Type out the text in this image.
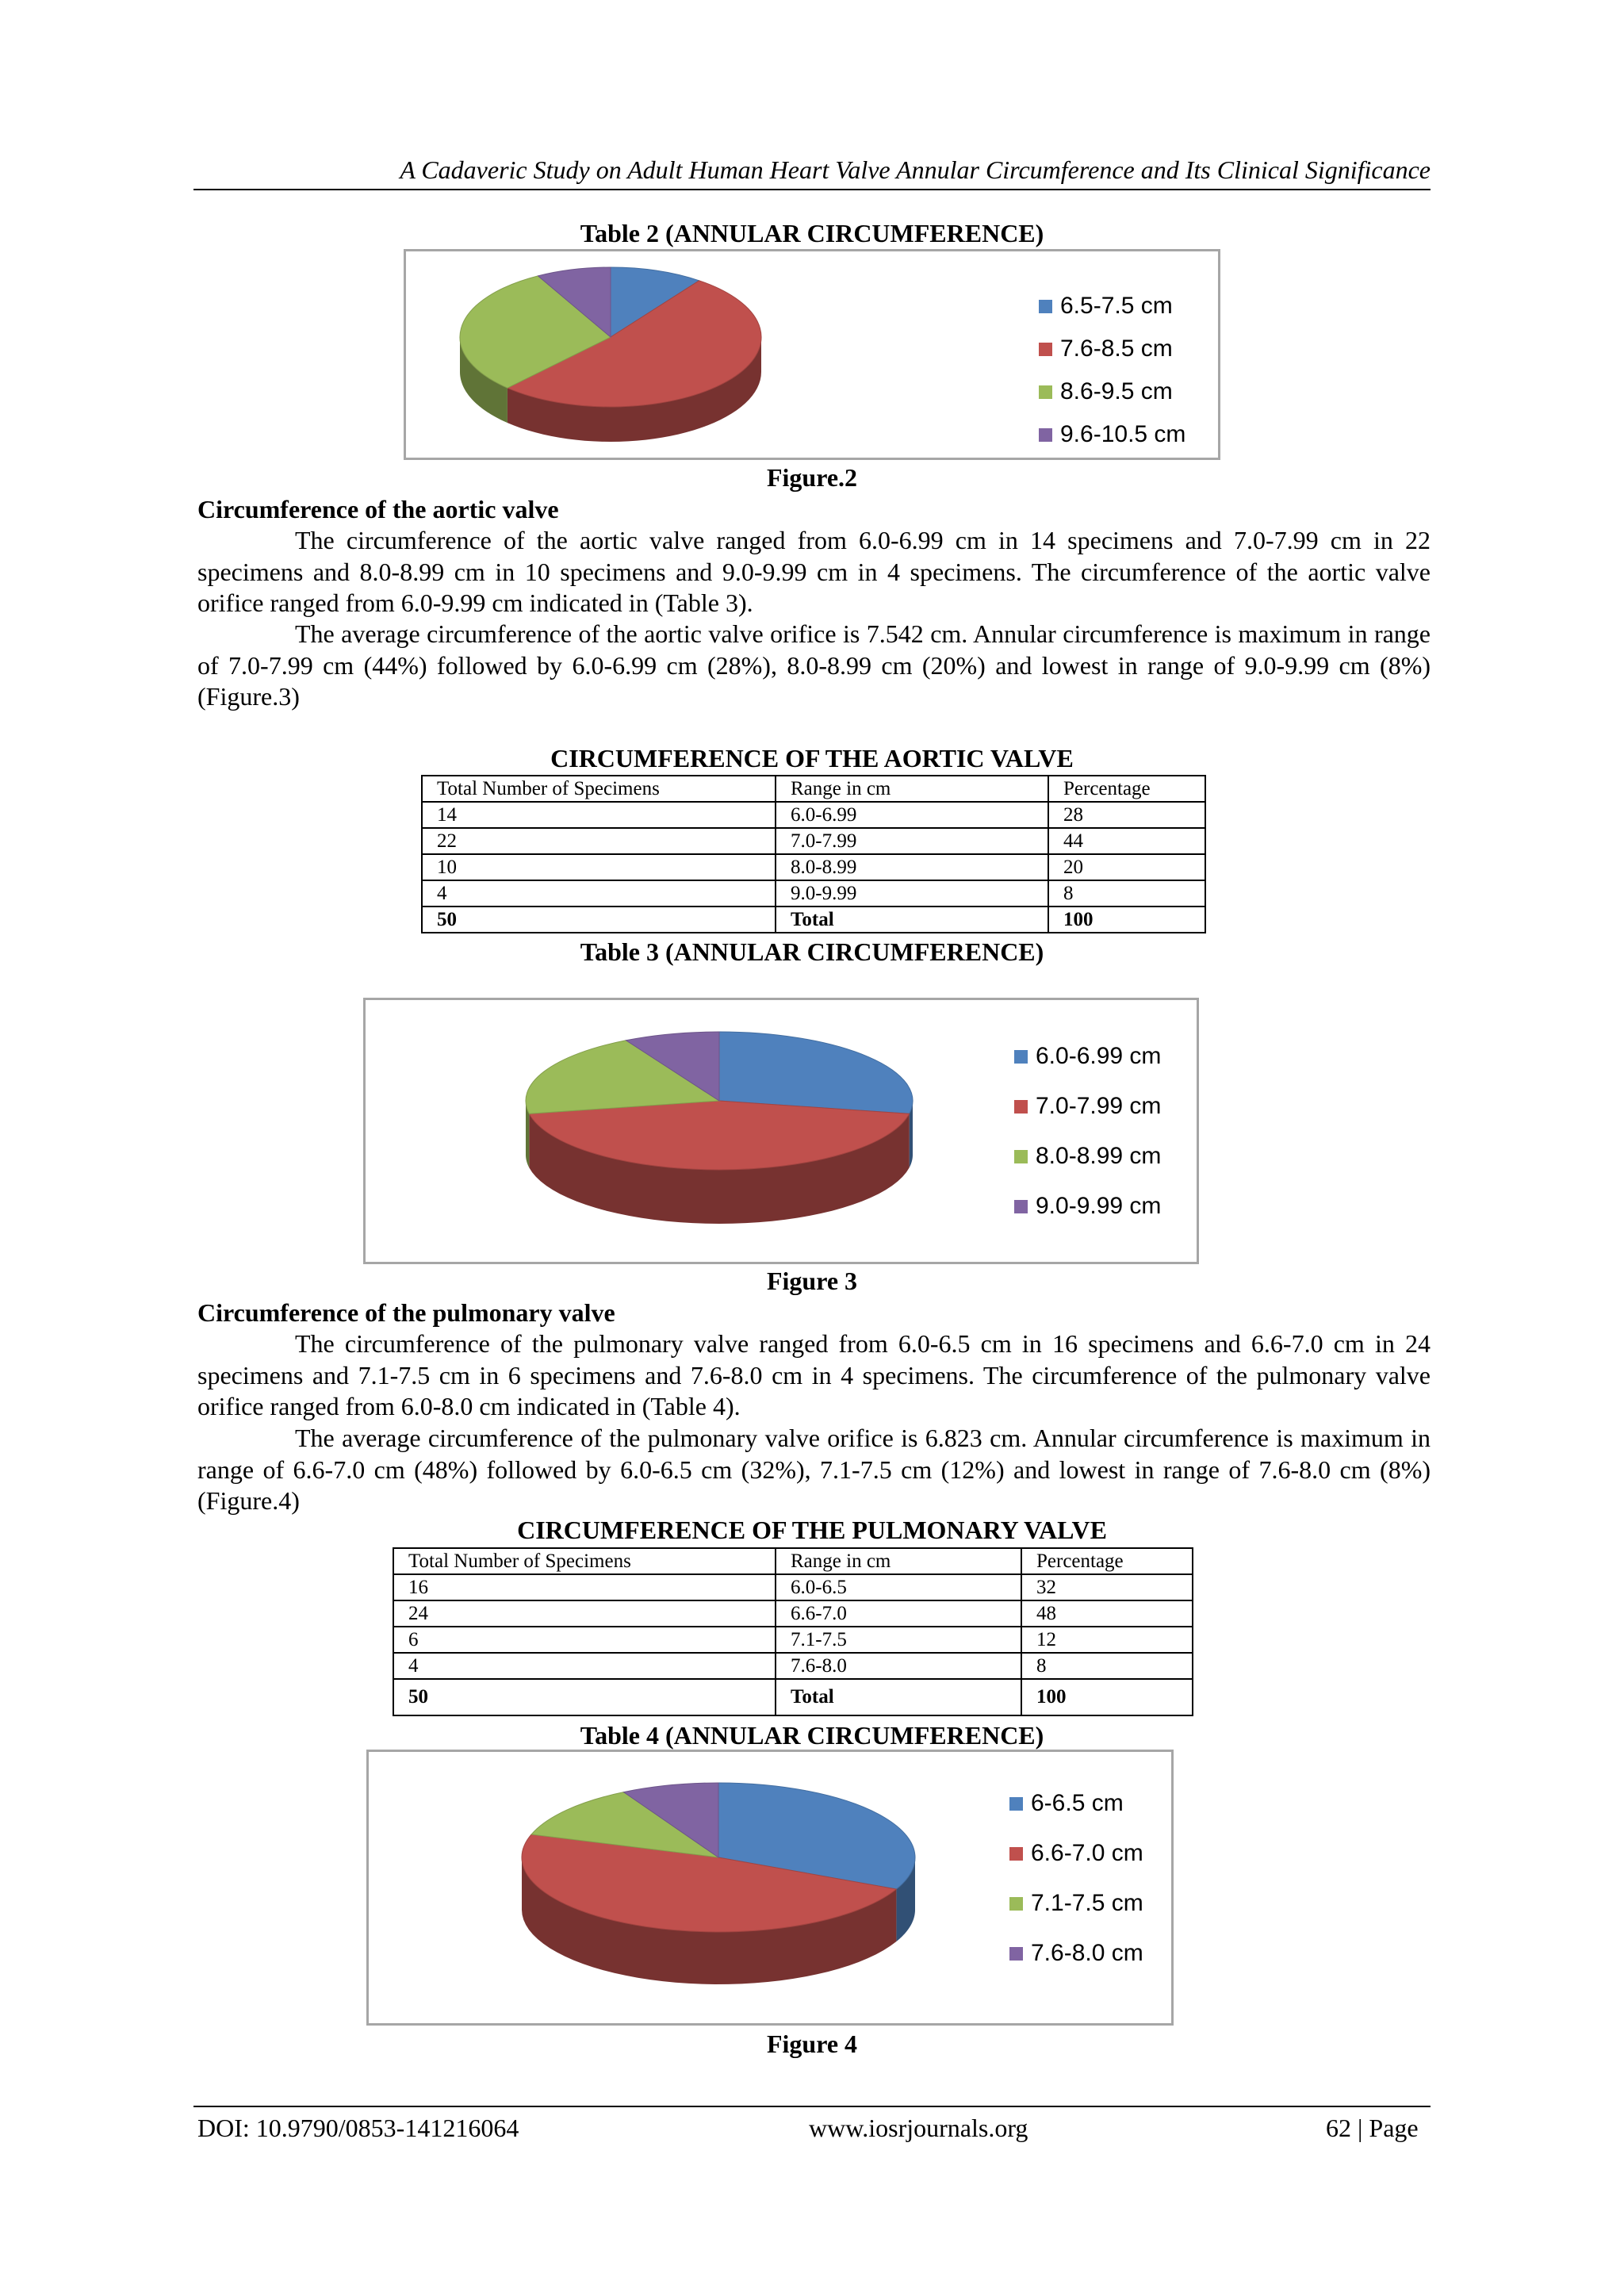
A Cadaveric Study on Adult Human Heart Valve Annular Circumference and Its Clinical Significance
Table 2 (ANNULAR CIRCUMFERENCE)
6.5-7.5 cm
7.6-8.5 cm
8.6-9.5 cm
9.6-10.5 cm
Figure.2
Circumference of the aortic valve
The circumference of the aortic valve ranged from 6.0-6.99 cm in 14 specimens and 7.0-7.99 cm in 22 specimens and 8.0-8.99 cm in 10 specimens and 9.0-9.99 cm in 4 specimens. The circumference of the aortic valve orifice ranged from 6.0-9.99 cm indicated in (Table 3).
The average circumference of the aortic valve orifice is 7.542 cm. Annular circumference is maximum in range of 7.0-7.99 cm (44%) followed by 6.0-6.99 cm (28%), 8.0-8.99 cm (20%) and lowest in range of 9.0-9.99 cm (8%) (Figure.3)
CIRCUMFERENCE OF THE AORTIC VALVE
Total Number of Specimens	Range in cm	Percentage
14	6.0-6.99	28
22	7.0-7.99	44
10	8.0-8.99	20
4	9.0-9.99	8
50	Total	100
Table 3 (ANNULAR CIRCUMFERENCE)
6.0-6.99 cm
7.0-7.99 cm
8.0-8.99 cm
9.0-9.99 cm
Figure 3
Circumference of the pulmonary valve
The circumference of the pulmonary valve ranged from 6.0-6.5 cm in 16 specimens and 6.6-7.0 cm in 24 specimens and 7.1-7.5 cm in 6 specimens and 7.6-8.0 cm in 4 specimens. The circumference of the pulmonary valve orifice ranged from 6.0-8.0 cm indicated in (Table 4).
The average circumference of the pulmonary valve orifice is 6.823 cm. Annular circumference is maximum in range of 6.6-7.0 cm (48%) followed by 6.0-6.5 cm (32%), 7.1-7.5 cm (12%) and lowest in range of 7.6-8.0 cm (8%) (Figure.4)
CIRCUMFERENCE OF THE PULMONARY VALVE
Total Number of Specimens	Range in cm	Percentage
16	6.0-6.5	32
24	6.6-7.0	48
6	7.1-7.5	12
4	7.6-8.0	8
50	Total	100
Table 4 (ANNULAR CIRCUMFERENCE)
6-6.5 cm
6.6-7.0 cm
7.1-7.5 cm
7.6-8.0 cm
Figure 4
DOI: 10.9790/0853-141216064	www.iosrjournals.org	62 | Page
